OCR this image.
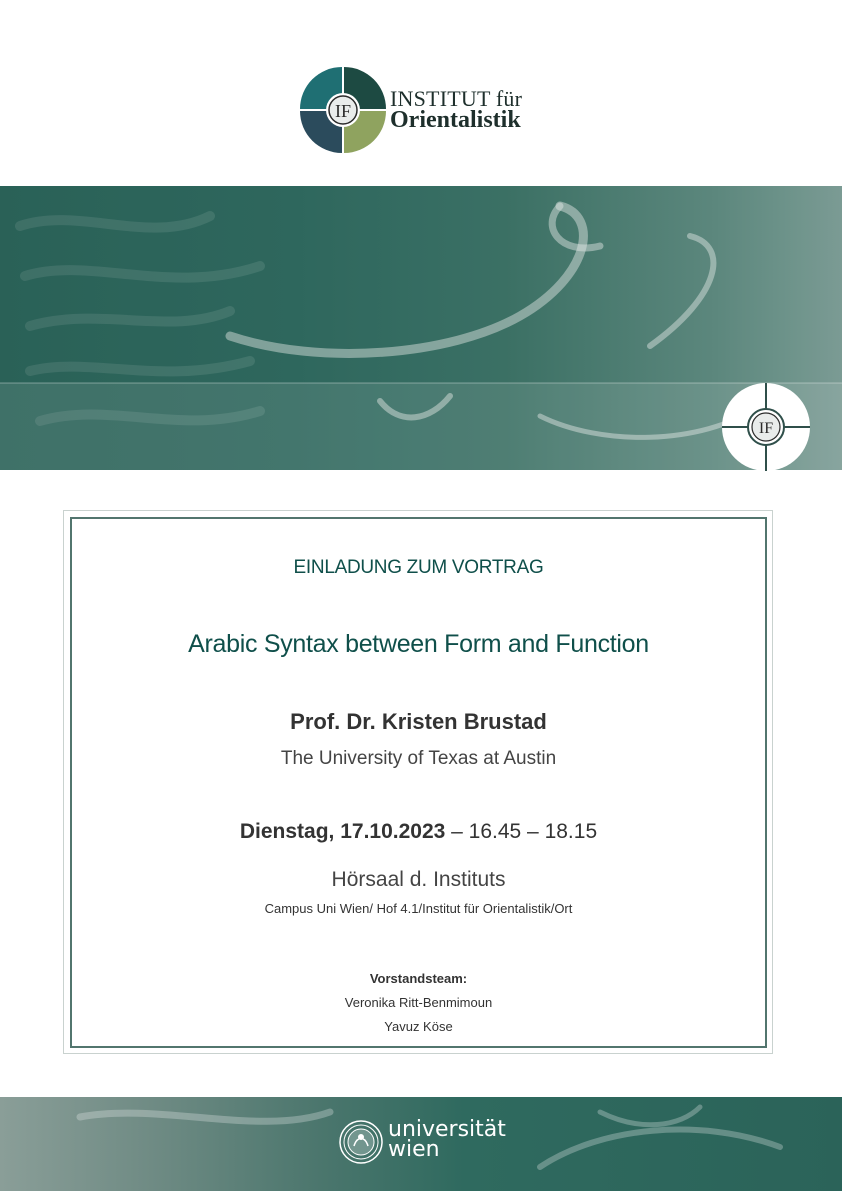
IF INSTITUT für
Orientalistik
IF
EINLADUNG ZUM VORTRAG
Arabic Syntax between Form and Function
Prof. Dr. Kristen Brustad
The University of Texas at Austin
Dienstag, 17.10.2023 – 16.45 – 18.15
Hörsaal d. Instituts
Campus Uni Wien/ Hof 4.1/Institut für Orientalistik/Ort
Vorstandsteam:
Veronika Ritt-Benmimoun
Yavuz Köse
universität
wien
